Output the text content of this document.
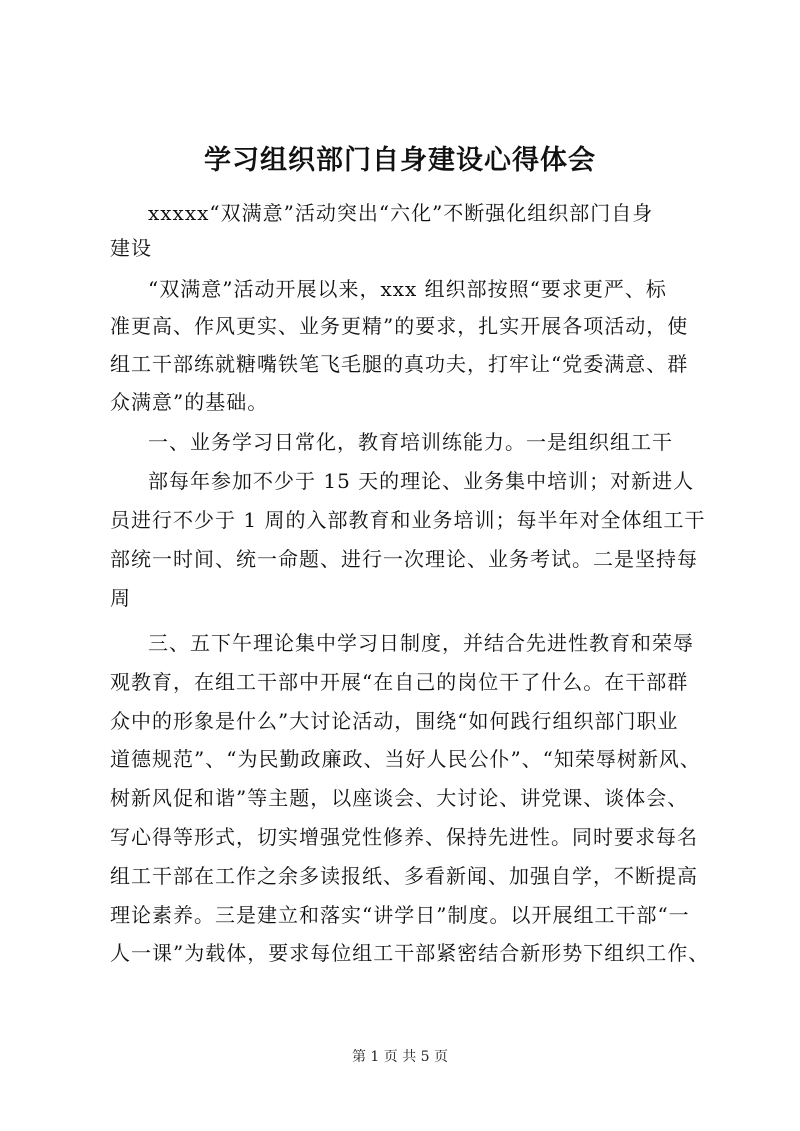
学习组织部门自身建设心得体会
xxxxx“双满意”活动突出“六化”不断强化组织部门自身
建设
“双满意”活动开展以来，xxx 组织部按照“要求更严、标
准更高、作风更实、业务更精”的要求，扎实开展各项活动，使
组工干部练就糖嘴铁笔飞毛腿的真功夫，打牢让“党委满意、群
众满意”的基础。
一、业务学习日常化，教育培训练能力。一是组织组工干
部每年参加不少于 15 天的理论、业务集中培训；对新进人
员进行不少于 1 周的入部教育和业务培训；每半年对全体组工干
部统一时间、统一命题、进行一次理论、业务考试。二是坚持每
周
三、五下午理论集中学习日制度，并结合先进性教育和荣辱
观教育，在组工干部中开展“在自己的岗位干了什么。在干部群
众中的形象是什么”大讨论活动，围绕“如何践行组织部门职业
道德规范”、“为民勤政廉政、当好人民公仆”、“知荣辱树新风、
树新风促和谐”等主题，以座谈会、大讨论、讲党课、谈体会、
写心得等形式，切实增强党性修养、保持先进性。同时要求每名
组工干部在工作之余多读报纸、多看新闻、加强自学，不断提高
理论素养。三是建立和落实“讲学日”制度。以开展组工干部“一
人一课”为载体，要求每位组工干部紧密结合新形势下组织工作、
第 1 页 共 5 页
